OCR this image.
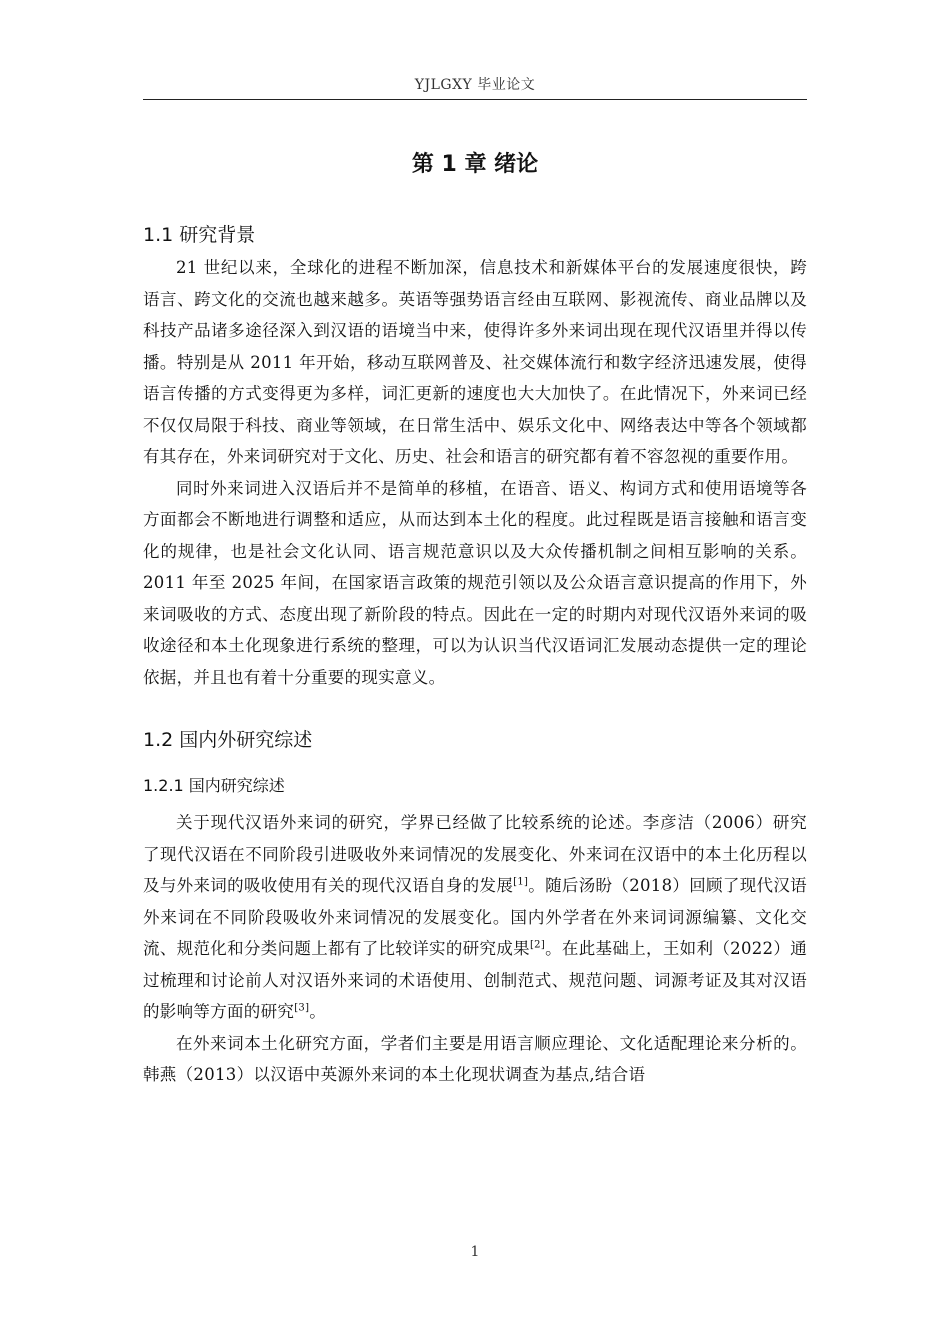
YJLGXY 毕业论文
第 1 章 绪论
1.1 研究背景

21 世纪以来，全球化的进程不断加深，信息技术和新媒体平台的发展速度很快，跨语言、跨文化的交流也越来越多。英语等强势语言经由互联网、影视流传、商业品牌以及科技产品诸多途径深入到汉语的语境当中来，使得许多外来词出现在现代汉语里并得以传播。特别是从 2011 年开始，移动互联网普及、社交媒体流行和数字经济迅速发展，使得语言传播的方式变得更为多样，词汇更新的速度也大大加快了。在此情况下，外来词已经不仅仅局限于科技、商业等领域，在日常生活中、娱乐文化中、网络表达中等各个领域都有其存在，外来词研究对于文化、历史、社会和语言的研究都有着不容忽视的重要作用。

同时外来词进入汉语后并不是简单的移植，在语音、语义、构词方式和使用语境等各方面都会不断地进行调整和适应，从而达到本土化的程度。此过程既是语言接触和语言变化的规律，也是社会文化认同、语言规范意识以及大众传播机制之间相互影响的关系。2011 年至 2025 年间，在国家语言政策的规范引领以及公众语言意识提高的作用下，外来词吸收的方式、态度出现了新阶段的特点。因此在一定的时期内对现代汉语外来词的吸收途径和本土化现象进行系统的整理，可以为认识当代汉语词汇发展动态提供一定的理论依据，并且也有着十分重要的现实意义。

1.2 国内外研究综述
1.2.1 国内研究综述

关于现代汉语外来词的研究，学界已经做了比较系统的论述。李彦洁（2006）研究了现代汉语在不同阶段引进吸收外来词情况的发展变化、外来词在汉语中的本土化历程以及与外来词的吸收使用有关的现代汉语自身的发展[1]。随后汤盼（2018）回顾了现代汉语外来词在不同阶段吸收外来词情况的发展变化。国内外学者在外来词词源编纂、文化交流、规范化和分类问题上都有了比较详实的研究成果[2]。在此基础上，王如利（2022）通过梳理和讨论前人对汉语外来词的术语使用、创制范式、规范问题、词源考证及其对汉语的影响等方面的研究[3]。

在外来词本土化研究方面，学者们主要是用语言顺应理论、文化适配理论来分析的。韩燕（2013）以汉语中英源外来词的本土化现状调查为基点,结合语

1
